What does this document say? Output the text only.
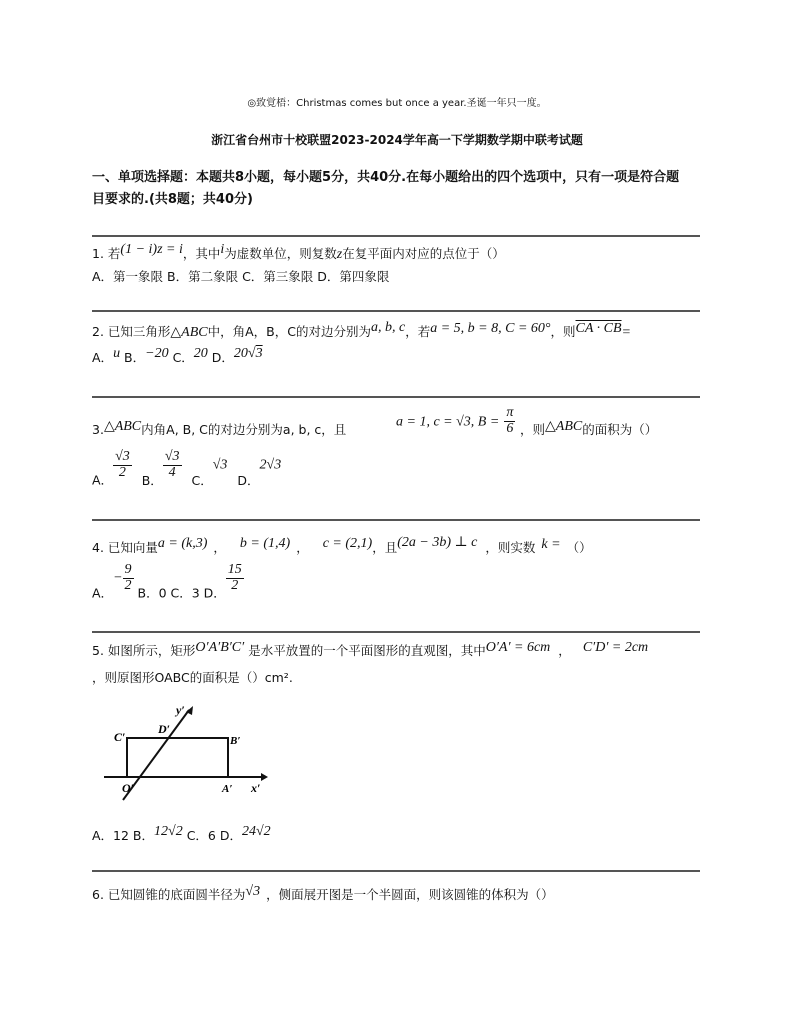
◎致覚梧：Christmas comes but once a year.圣诞一年只一度。
浙江省台州市十校联盟2023-2024学年高一下学期数学期中联考试题
一、单项选择题：本题共8小题，每小题5分，共40分.在每小题给出的四个选项中，只有一项是符合题
目要求的.(共8题；共40分)
1. 若(1 − i)z = i，其中i为虚数单位，则复数z在复平面内对应的点位于（）
A．第一象限 B．第二象限 C．第三象限 D．第四象限
2. 已知三角形△ABC中，角A，B，C的对边分别为a, b, c，若a = 5, b = 8, C = 60°，则CA · CB=
A．u B．−20 C．20 D．20√3
3.△ABC内角A, B, C的对边分别为a, b, c，且	a = 1, c = √3, $B = \frac{\pi}{6}$ ，则△ABC的面积为（）
A． $\frac{√3}{2}$ B． $\frac{√3}{4}$ C．√3 D．2√3
4. 已知向量a = (k,3) ， b = (1,4) ， c = (2,1)，且(2a − 3b) ⊥ c ，则实数 k = （）
A．− $\frac{9}{2}$ B．0 C．3 D． $\frac{15}{2}$
5. 如图所示，矩形O′A′B′C′ 是水平放置的一个平面图形的直观图，其中O′A′ = 6cm ， C′D′ = 2cm
，则原图形OABC的面积是（）cm².
y′
x′
C′
D′
B′
A′
O′
A．12 B．12√2 C．6 D．24√2
6. 已知圆锥的底面圆半径为√3 ，侧面展开图是一个半圆面，则该圆锥的体积为（）
